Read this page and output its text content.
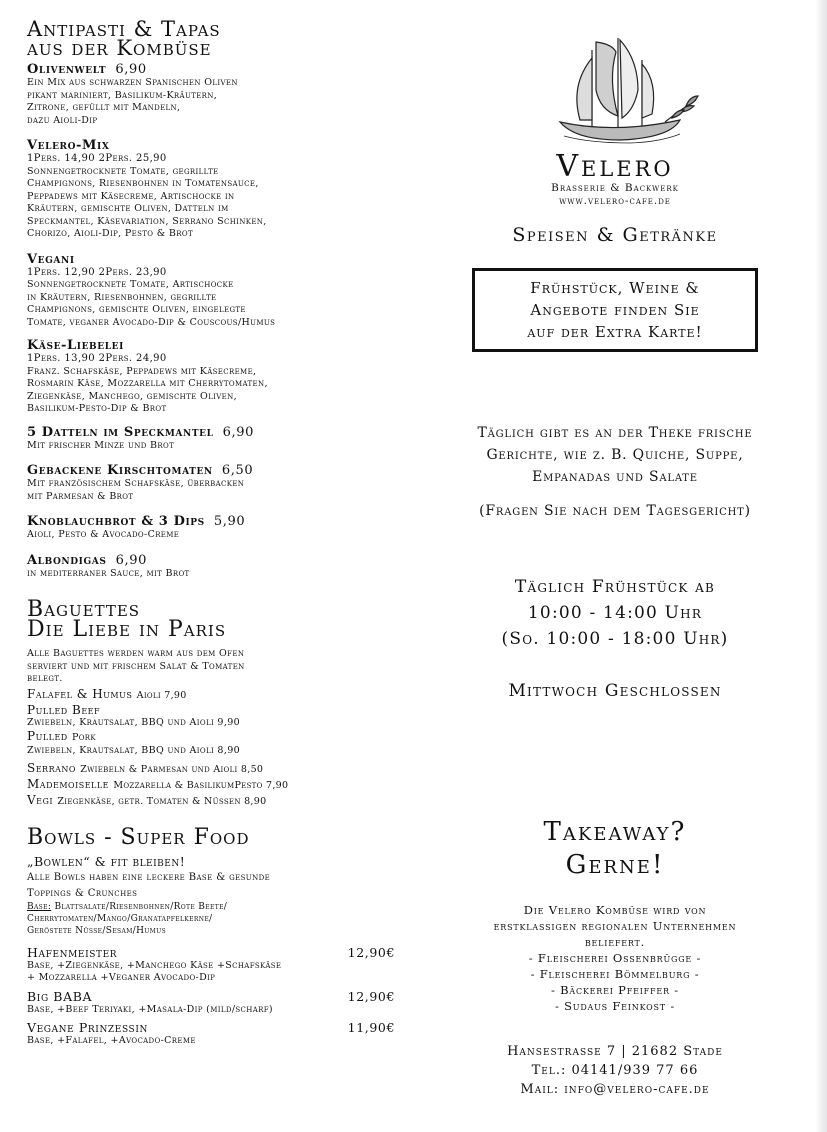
Antipasti & Tapas
aus der Kombüse
Olivenwelt 6,90
Ein Mix aus schwarzen Spanischen Oliven
pikant mariniert, Basilikum-Kräutern,
Zitrone, gefüllt mit Mandeln,
dazu Aioli-Dip
Velero-Mix
1Pers. 14,90 2Pers. 25,90
Sonnengetrocknete Tomate, gegrillte
Champignons, Riesenbohnen in Tomatensauce,
Peppadews mit Käsecreme, Artischocke in
Kräutern, gemischte Oliven, Datteln im
Speckmantel, Käsevariation, Serrano Schinken,
Chorizo, Aioli-Dip, Pesto & Brot
Vegani
1Pers. 12,90 2Pers. 23,90
Sonnengetrocknete Tomate, Artischocke
in Kräutern, Riesenbohnen, gegrillte
Champignons, gemischte Oliven, eingelegte
Tomate, veganer Avocado-Dip & Couscous/Humus
Käse-Liebelei
1Pers. 13,90 2Pers. 24,90
Franz. Schafskäse, Peppadews mit Käsecreme,
Rosmarin Käse, Mozzarella mit Cherrytomaten,
Ziegenkäse, Manchego, gemischte Oliven,
Basilikum-Pesto-Dip & Brot
5 Datteln im Speckmantel 6,90
Mit frischer Minze und Brot
Gebackene Kirschtomaten 6,50
Mit französischem Schafskäse, überbacken
mit Parmesan & Brot
Knoblauchbrot & 3 Dips 5,90
Aioli, Pesto & Avocado-Creme
Albondigas 6,90
in mediterraner Sauce, mit Brot
Baguettes
Die Liebe in Paris
Alle Baguettes werden warm aus dem Ofen
serviert und mit frischem Salat & Tomaten
belegt.
Falafel & Humus Aioli 7,90
Pulled Beef
Zwiebeln, Krautsalat, BBQ und Aioli 9,90
Pulled Pork
Zwiebeln, Krautsalat, BBQ und Aioli 8,90
Serrano Zwiebeln & Parmesan und Aioli 8,50
Mademoiselle Mozzarella & BasilikumPesto 7,90
Vegi Ziegenkäse, getr. Tomaten & Nüssen 8,90
Bowls - Super Food
„Bowlen“ & fit bleiben!
Alle Bowls haben eine leckere Base & gesunde
Toppings & Crunches
Base: Blattsalate/Riesenbohnen/Rote Beete/
Cherrytomaten/Mango/Granatapfelkerne/
Geröstete Nüsse/Sesam/Humus
Hafenmeister	12,90€
Base, +Ziegenkäse, +Manchego Käse +Schafskäse
+ Mozzarella +Veganer Avocado-Dip
Big BABA	12,90€
Base, +Beef Teriyaki, +Masala-Dip (mild/scharf)
Vegane Prinzessin	11,90€
Base, +Falafel, +Avocado-Creme
Velero
Brasserie & Backwerk
www.velero-cafe.de
Speisen & Getränke
Frühstück, Weine &
Angebote finden Sie
auf der Extra Karte!
Täglich gibt es an der Theke frische
Gerichte, wie z. B. Quiche, Suppe,
Empanadas und Salate
(Fragen Sie nach dem Tagesgericht)
Täglich Frühstück ab
10:00 - 14:00 Uhr
(So. 10:00 - 18:00 Uhr)
Mittwoch Geschlossen
Takeaway?
Gerne!
Die Velero Kombüse wird von
erstklassigen regionalen Unternehmen
beliefert.
- Fleischerei Ossenbrügge -
- Fleischerei Bömmelburg -
- Bäckerei Pfeiffer -
- Sudaus Feinkost -
Hansestrasse 7 | 21682 Stade
Tel.: 04141/939 77 66
Mail: info@velero-cafe.de
